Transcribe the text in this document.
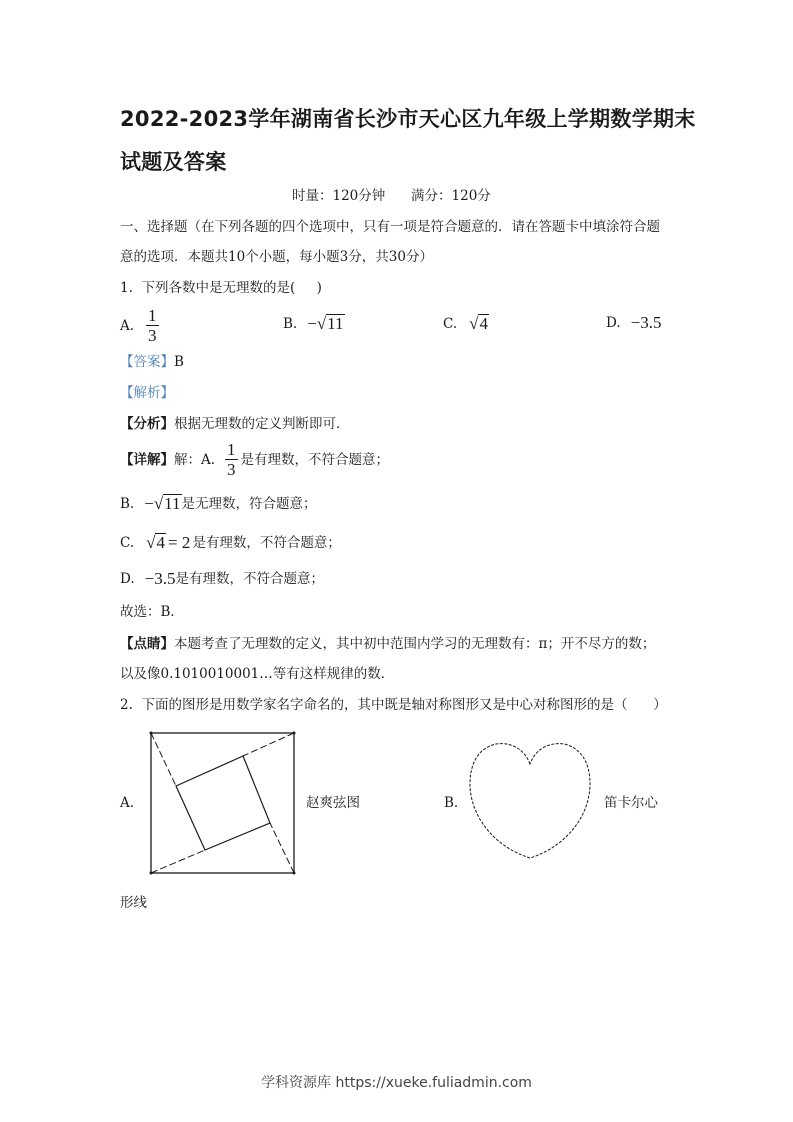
2022-2023学年湖南省长沙市天心区九年级上学期数学期末
试题及答案
时量：120分钟      满分：120分
一、选择题（在下列各题的四个选项中，只有一项是符合题意的．请在答题卡中填涂符合题
意的选项．本题共10个小题，每小题3分，共30分）
1.  下列各数中是无理数的是(     )
A. $\frac{1}{3}$	B. − √ 11	C. √ 4	D. −3.5
【答案】B
【解析】
【分析】根据无理数的定义判断即可．
【详解】 解：A. $\frac{1}{3}$ 是有理数，不符合题意；
B. − √ 11 是无理数，符合题意；
C. √ 4 = 2 是有理数，不符合题意；
D. −3.5 是有理数，不符合题意；
故选：B．
【点睛】本题考查了无理数的定义，其中初中范围内学习的无理数有：π；开不尽方的数；
以及像0.1010010001…等有这样规律的数．
2.  下面的图形是用数学家名字命名的，其中既是轴对称图形又是中心对称图形的是（      ）
A.	赵爽弦图	B.	笛卡尔心
形线
学科资源库 https://xueke.fuliadmin.com
